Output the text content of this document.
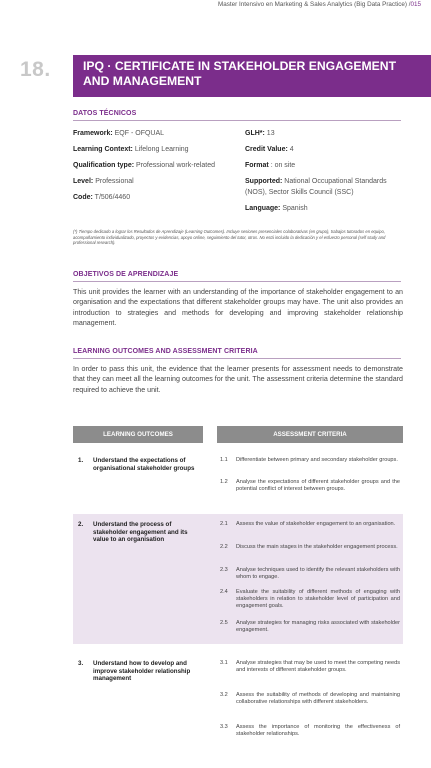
Master Intensivo en Marketing & Sales Analytics (Big Data Practice) /015
18.	IPQ · CERTIFICATE IN STAKEHOLDER ENGAGEMENT AND MANAGEMENT
DATOS TÉCNICOS
Framework: EQF - OFQUAL
Learning Context: Lifelong Learning
Qualification type: Professional work-related
Level: Professional
Code: T/506/4460
GLH*: 13
Credit Value: 4
Format : on site
Supported: National Occupational Standards (NOS), Sector Skills Council (SSC)
Language: Spanish
(*) Tiempo dedicado a lograr los Resultados de Aprendizaje (Learning Outcomes). Incluye sesiones presenciales colaborativas (en grupo), trabajos tutorados en equipo, acompañamiento individualizado, proyectos y evidencias, apoyo online, seguimiento del tutor, otros. No está incluido la dedicación y el esfuerzo personal (self study and professional research).
OBJETIVOS DE APRENDIZAJE
This unit provides the learner with an understanding of the importance of stakeholder engagement to an organisation and the expectations that different stakeholder groups may have. The unit also provides an introduction to strategies and methods for developing and improving stakeholder relationship management.
LEARNING OUTCOMES AND ASSESSMENT CRITERIA
In order to pass this unit, the evidence that the learner presents for assessment needs to demonstrate that they can meet all the learning outcomes for the unit. The assessment criteria determine the standard required to achieve the unit.
LEARNING OUTCOMES	ASSESSMENT CRITERIA
1. Understand the expectations of organisational stakeholder groups
1.1 Differentiate between primary and secondary stakeholder groups.
1.2 Analyse the expectations of different stakeholder groups and the potential conflict of interest between groups.
2. Understand the process of stakeholder engagement and its value to an organisation
2.1 Assess the value of stakeholder engagement to an organisation.
2.2 Discuss the main stages in the stakeholder engagement process.
2.3 Analyse techniques used to identify the relevant stakeholders with whom to engage.
2.4 Evaluate the suitability of different methods of engaging with stakeholders in relation to stakeholder level of participation and engagement goals.
2.5 Analyse strategies for managing risks associated with stakeholder engagement.
3. Understand how to develop and improve stakeholder relationship management
3.1 Analyse strategies that may be used to meet the competing needs and interests of different stakeholder groups.
3.2 Assess the suitability of methods of developing and maintaining collaborative relationships with different stakeholders.
3.3 Assess the importance of monitoring the effectiveness of stakeholder relationships.
